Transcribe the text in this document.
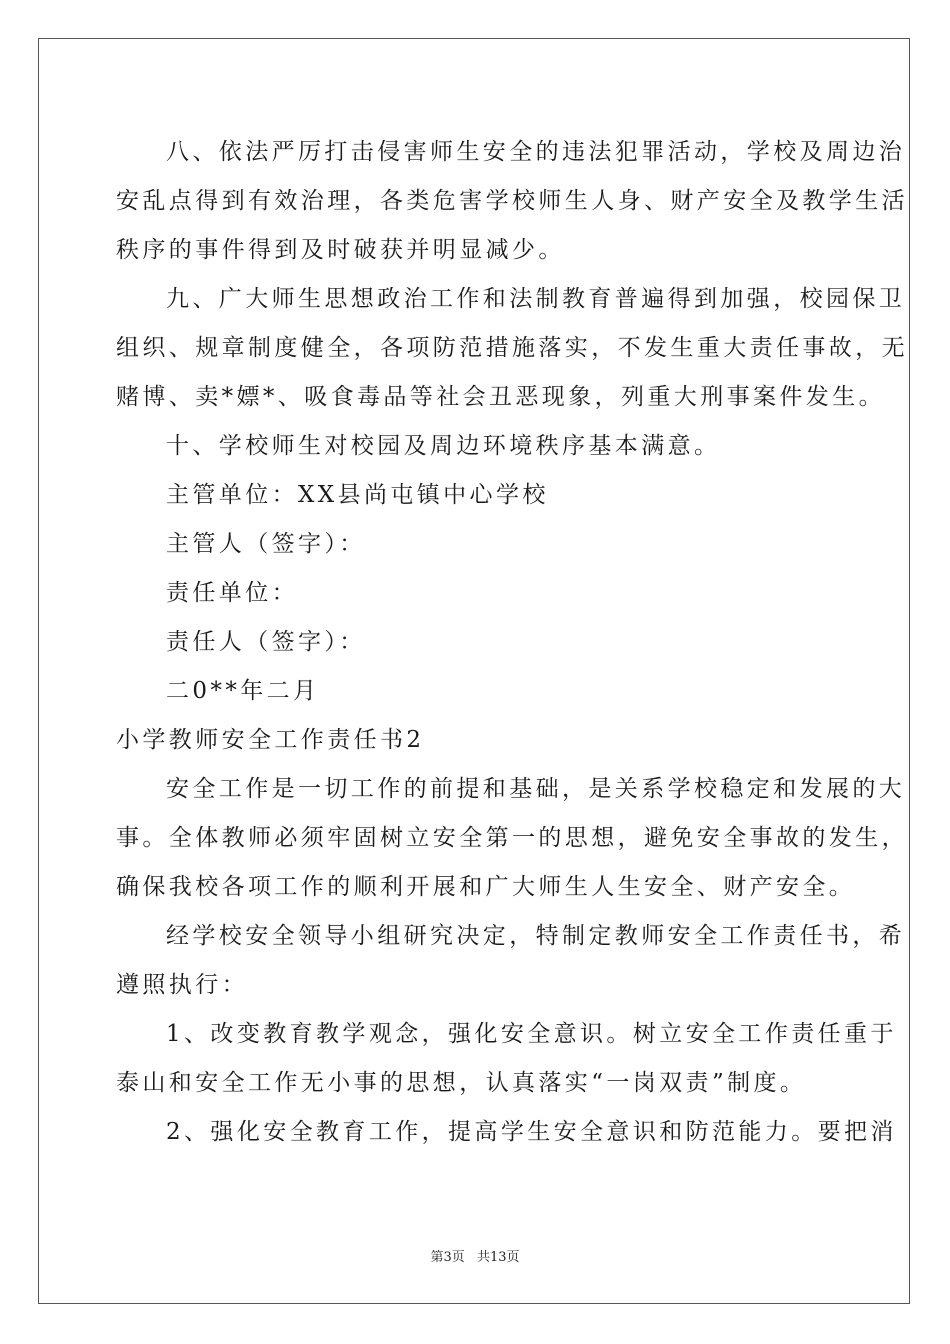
八、依法严厉打击侵害师生安全的违法犯罪活动，学校及周边治
安乱点得到有效治理，各类危害学校师生人身、财产安全及教学生活
秩序的事件得到及时破获并明显减少。

九、广大师生思想政治工作和法制教育普遍得到加强，校园保卫
组织、规章制度健全，各项防范措施落实，不发生重大责任事故，无
赌博、卖*嫖*、吸食毒品等社会丑恶现象，列重大刑事案件发生。

十、学校师生对校园及周边环境秩序基本满意。

主管单位：XX县尚屯镇中心学校

主管人（签字）：

责任单位：

责任人（签字）：

二0**年二月

小学教师安全工作责任书2

安全工作是一切工作的前提和基础，是关系学校稳定和发展的大
事。全体教师必须牢固树立安全第一的思想，避免安全事故的发生，
确保我校各项工作的顺利开展和广大师生人生安全、财产安全。

经学校安全领导小组研究决定，特制定教师安全工作责任书，希
遵照执行：

1、改变教育教学观念，强化安全意识。树立安全工作责任重于
泰山和安全工作无小事的思想，认真落实“一岗双责”制度。

2、强化安全教育工作，提高学生安全意识和防范能力。要把消

第3页 共13页
